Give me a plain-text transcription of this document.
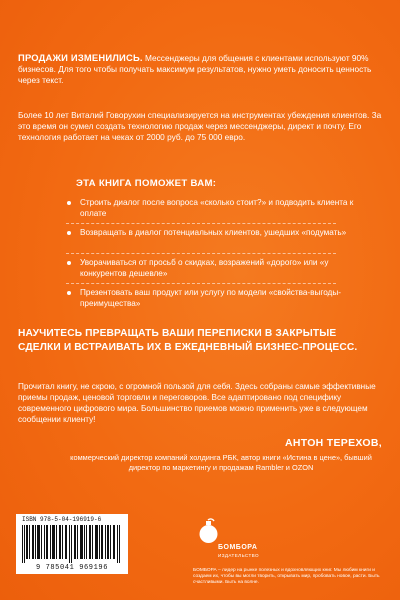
ПРОДАЖИ ИЗМЕНИЛИСЬ. Мессенджеры для общения с клиентами используют 90% бизнесов. Для того чтобы получать максимум результатов, нужно уметь доносить ценность через текст.
Более 10 лет Виталий Говорухин специализируется на инструментах убеждения клиентов. За это время он сумел создать технологию продаж через мессенджеры, директ и почту. Его технология работает на чеках от 2000 руб. до 75 000 евро.
ЭТА КНИГА ПОМОЖЕТ ВАМ:
Строить диалог после вопроса «сколько стоит?» и подводить клиента к оплате
Возвращать в диалог потенциальных клиентов, ушедших «подумать»
Уворачиваться от просьб о скидках, возражений «дорого» или «у конкурентов дешевле»
Презентовать ваш продукт или услугу по модели «свойства-выгоды-преимущества»
НАУЧИТЕСЬ ПРЕВРАЩАТЬ ВАШИ ПЕРЕПИСКИ В ЗАКРЫТЫЕ СДЕЛКИ И ВСТРАИВАТЬ ИХ В ЕЖЕДНЕВНЫЙ БИЗНЕС-ПРОЦЕСС.
Прочитал книгу, не скрою, с огромной пользой для себя. Здесь собраны самые эффективные приемы продаж, ценовой торговли и переговоров. Все адаптировано под специфику современного цифрового мира. Большинство приемов можно применить уже в следующем сообщении клиенту!
АНТОН ТЕРЕХОВ,
коммерческий директор компаний холдинга РБК, автор книги «Истина в цене», бывший директор по маркетингу и продажам Rambler и OZON
ISBN 978-5-04-196919-6
9 785041 969196
БОМБОРА
ИЗДАТЕЛЬСТВО
БОМБОРА – лидер на рынке полезных и вдохновляющих книг. Мы любим книги и создаем их, чтобы вы могли творить, открывать мир, пробовать новое, расти. Быть счастливыми. Быть на волне.
